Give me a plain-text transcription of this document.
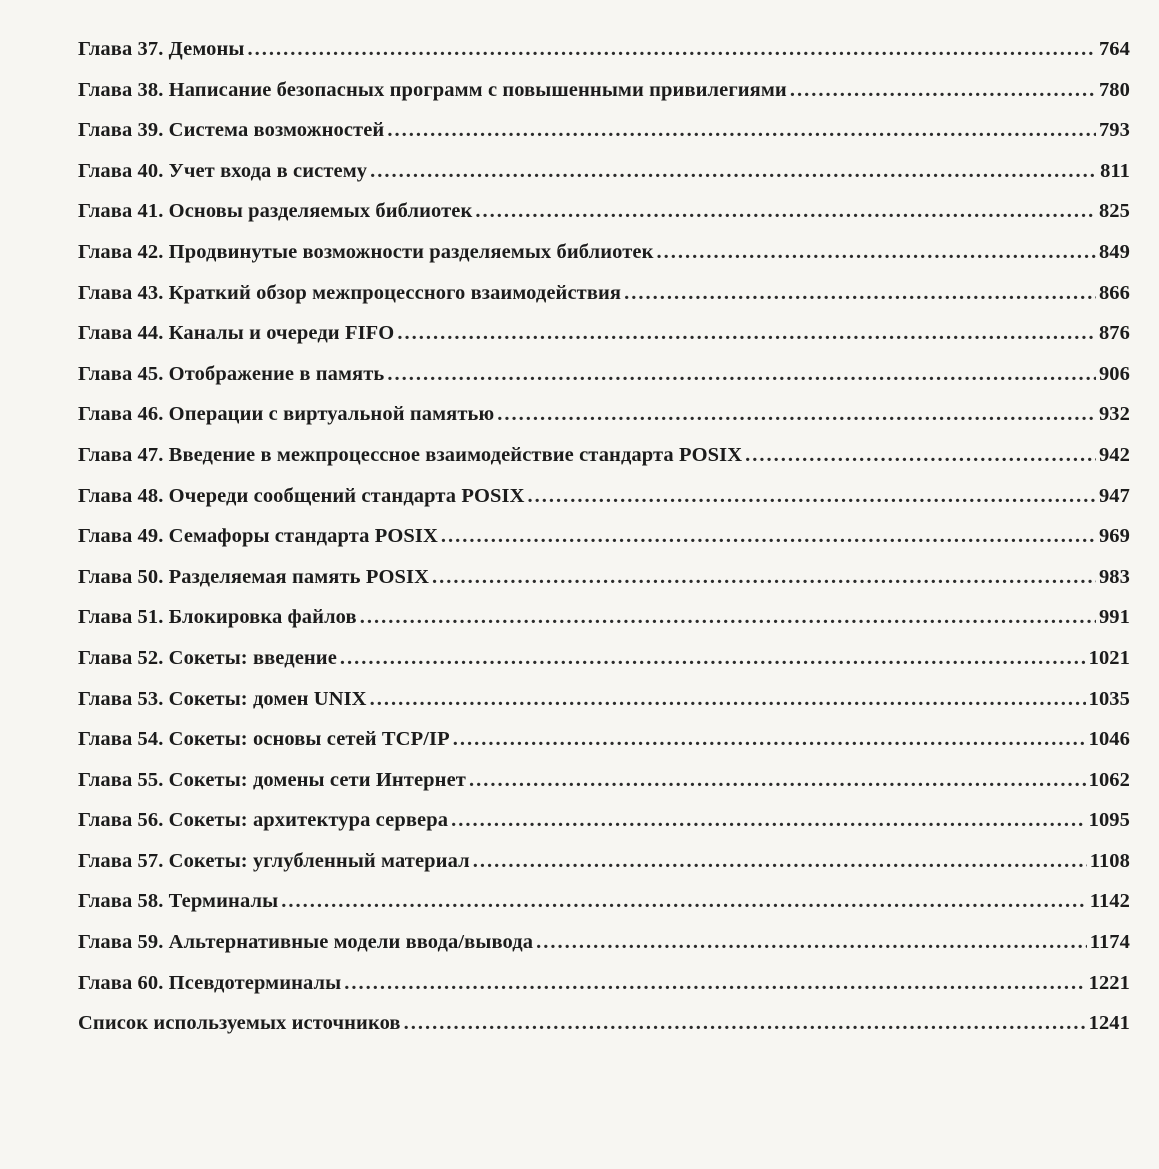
Глава 37. Демоны .....	764
Глава 38. Написание безопасных программ с повышенными привилегиями .....	780
Глава 39. Система возможностей .....	793
Глава 40. Учет входа в систему .....	811
Глава 41. Основы разделяемых библиотек .....	825
Глава 42. Продвинутые возможности разделяемых библиотек .....	849
Глава 43. Краткий обзор межпроцессного взаимодействия .....	866
Глава 44. Каналы и очереди FIFO .....	876
Глава 45. Отображение в память .....	906
Глава 46. Операции с виртуальной памятью .....	932
Глава 47. Введение в межпроцессное взаимодействие стандарта POSIX .....	942
Глава 48. Очереди сообщений стандарта POSIX .....	947
Глава 49. Семафоры стандарта POSIX .....	969
Глава 50. Разделяемая память POSIX .....	983
Глава 51. Блокировка файлов .....	991
Глава 52. Сокеты: введение .....	1021
Глава 53. Сокеты: домен UNIX .....	1035
Глава 54. Сокеты: основы сетей TCP/IP .....	1046
Глава 55. Сокеты: домены сети Интернет .....	1062
Глава 56. Сокеты: архитектура сервера .....	1095
Глава 57. Сокеты: углубленный материал .....	1108
Глава 58. Терминалы .....	1142
Глава 59. Альтернативные модели ввода/вывода .....	1174
Глава 60. Псевдотерминалы .....	1221
Список используемых источников .....	1241
